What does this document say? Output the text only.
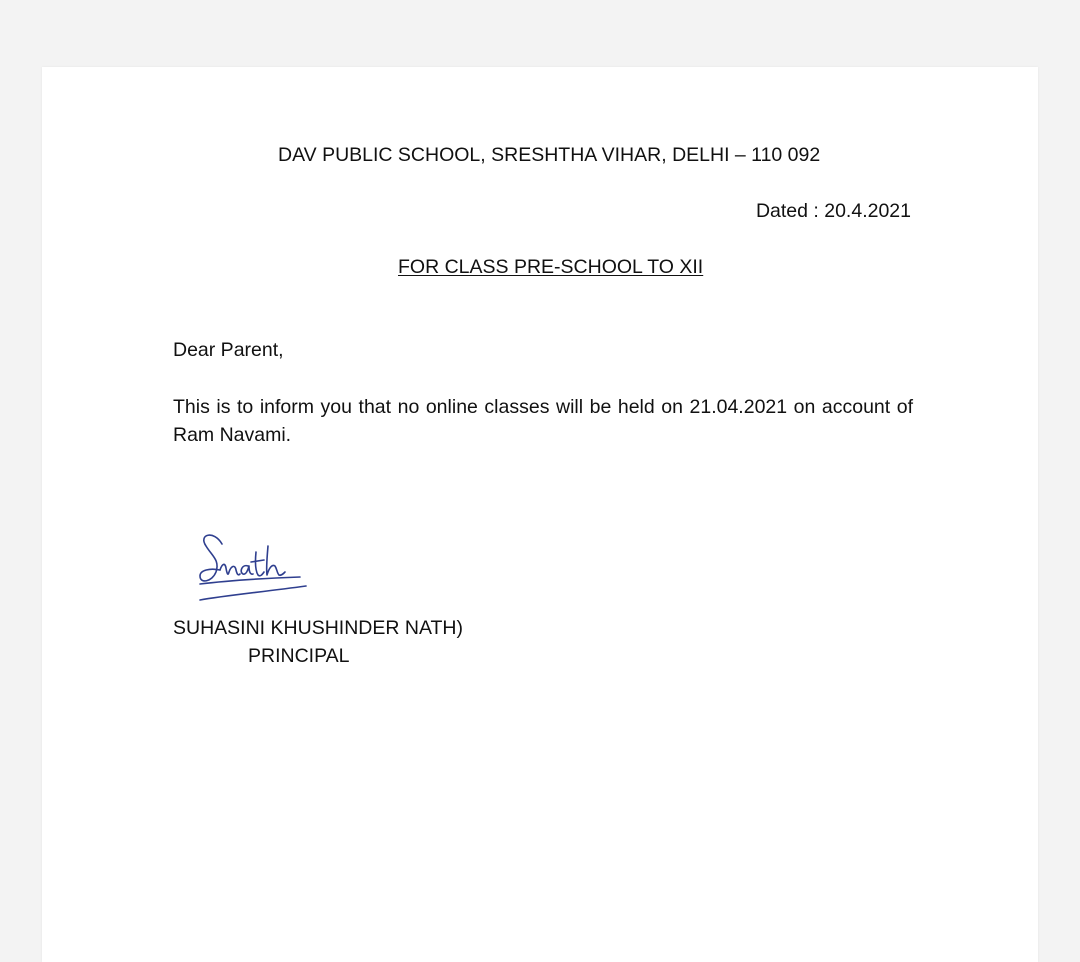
DAV PUBLIC SCHOOL, SRESHTHA VIHAR, DELHI – 110 092

Dated : 20.4.2021

FOR CLASS PRE-SCHOOL TO XII

Dear Parent,

This is to inform you that no online classes will be held on 21.04.2021 on account of Ram Navami.

SUHASINI KHUSHINDER NATH)

PRINCIPAL
